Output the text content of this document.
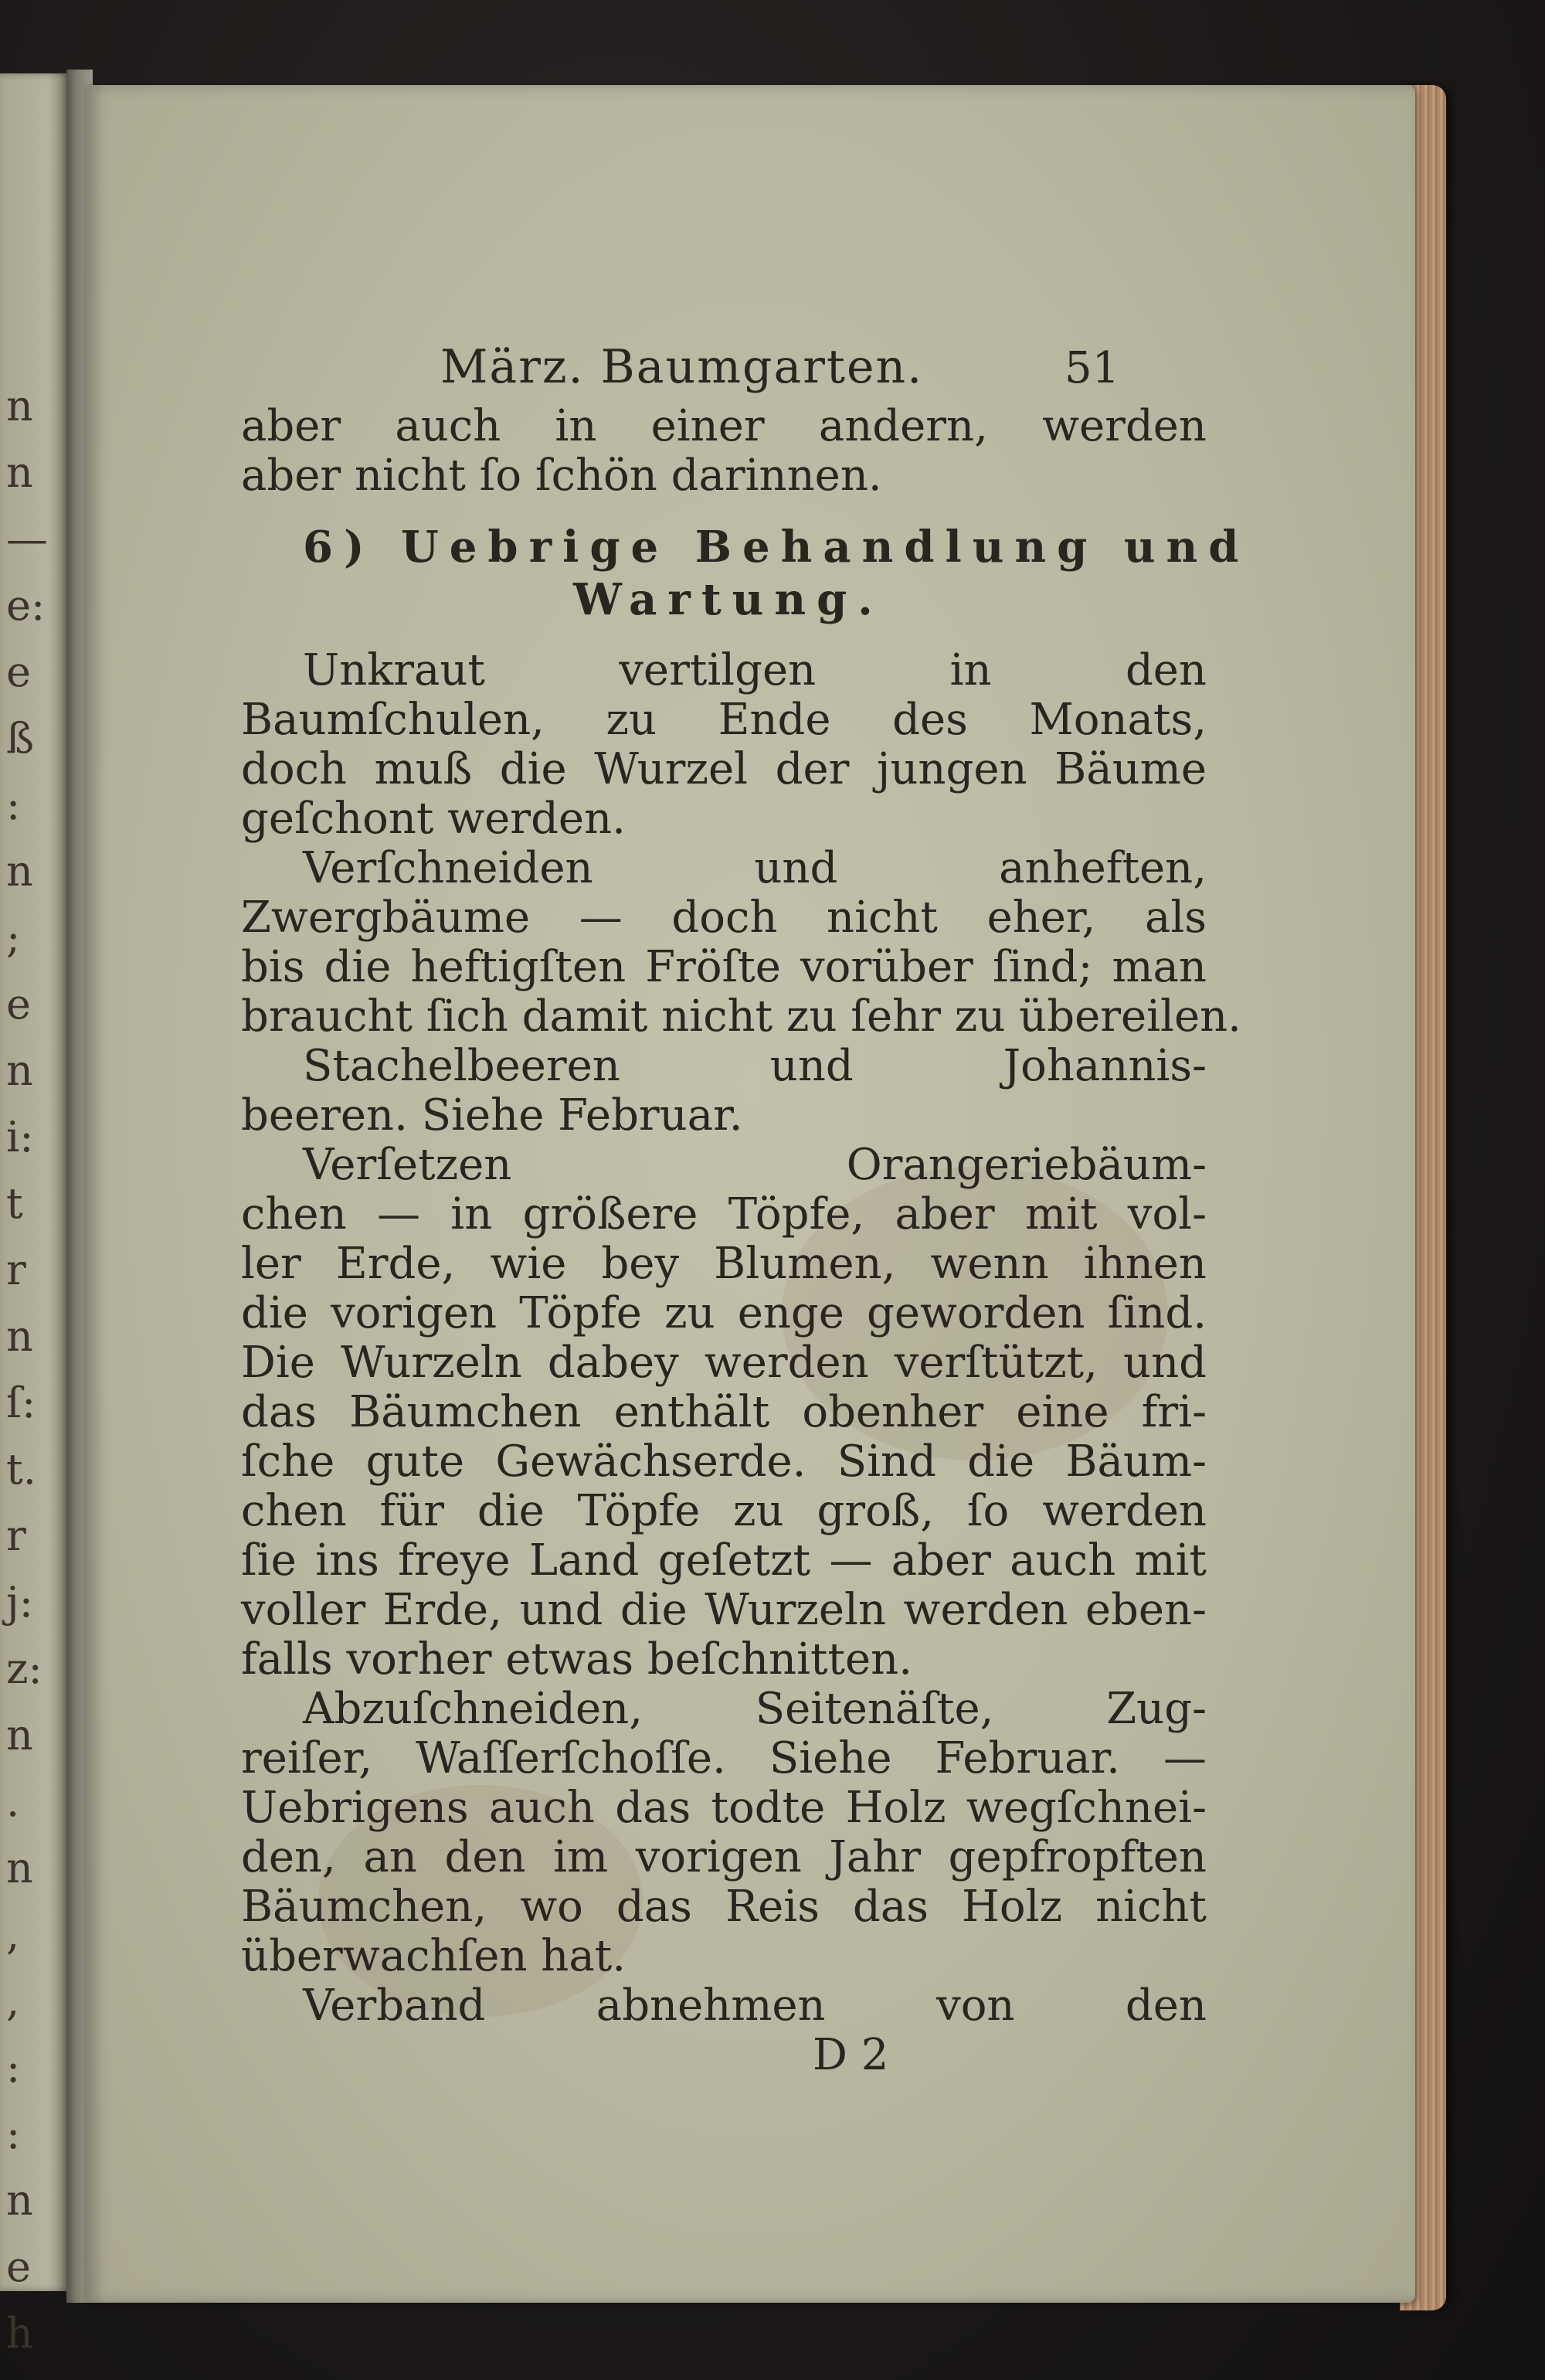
n
n
—
e:
e
ß
:
n
;
e
n
i:
t
r
n
ſ:
t.
r
j:
z:
n
.
n
,
,
:
:
n
e
h
März. Baumgarten.	51
aber auch in einer andern, werden
aber nicht ſo ſchön darinnen.
6) Uebrige Behandlung und
Wartung.
Unkraut vertilgen in den
Baumſchulen, zu Ende des Monats,
doch muß die Wurzel der jungen Bäume
geſchont werden.
Verſchneiden und anheften,
Zwergbäume — doch nicht eher, als
bis die heftigſten Fröſte vorüber ſind; man
braucht ſich damit nicht zu ſehr zu übereilen.
Stachelbeeren und Johannis-
beeren. Siehe Februar.
Verſetzen Orangeriebäum-
chen — in größere Töpfe, aber mit vol-
ler Erde, wie bey Blumen, wenn ihnen
die vorigen Töpfe zu enge geworden ſind.
Die Wurzeln dabey werden verſtützt, und
das Bäumchen enthält obenher eine fri-
ſche gute Gewächserde. Sind die Bäum-
chen für die Töpfe zu groß, ſo werden
ſie ins freye Land geſetzt — aber auch mit
voller Erde, und die Wurzeln werden eben-
falls vorher etwas beſchnitten.
Abzuſchneiden, Seitenäſte, Zug-
reiſer, Waſſerſchoſſe. Siehe Februar. —
Uebrigens auch das todte Holz wegſchnei-
den, an den im vorigen Jahr gepfropften
Bäumchen, wo das Reis das Holz nicht
überwachſen hat.
Verband abnehmen von den
D 2
